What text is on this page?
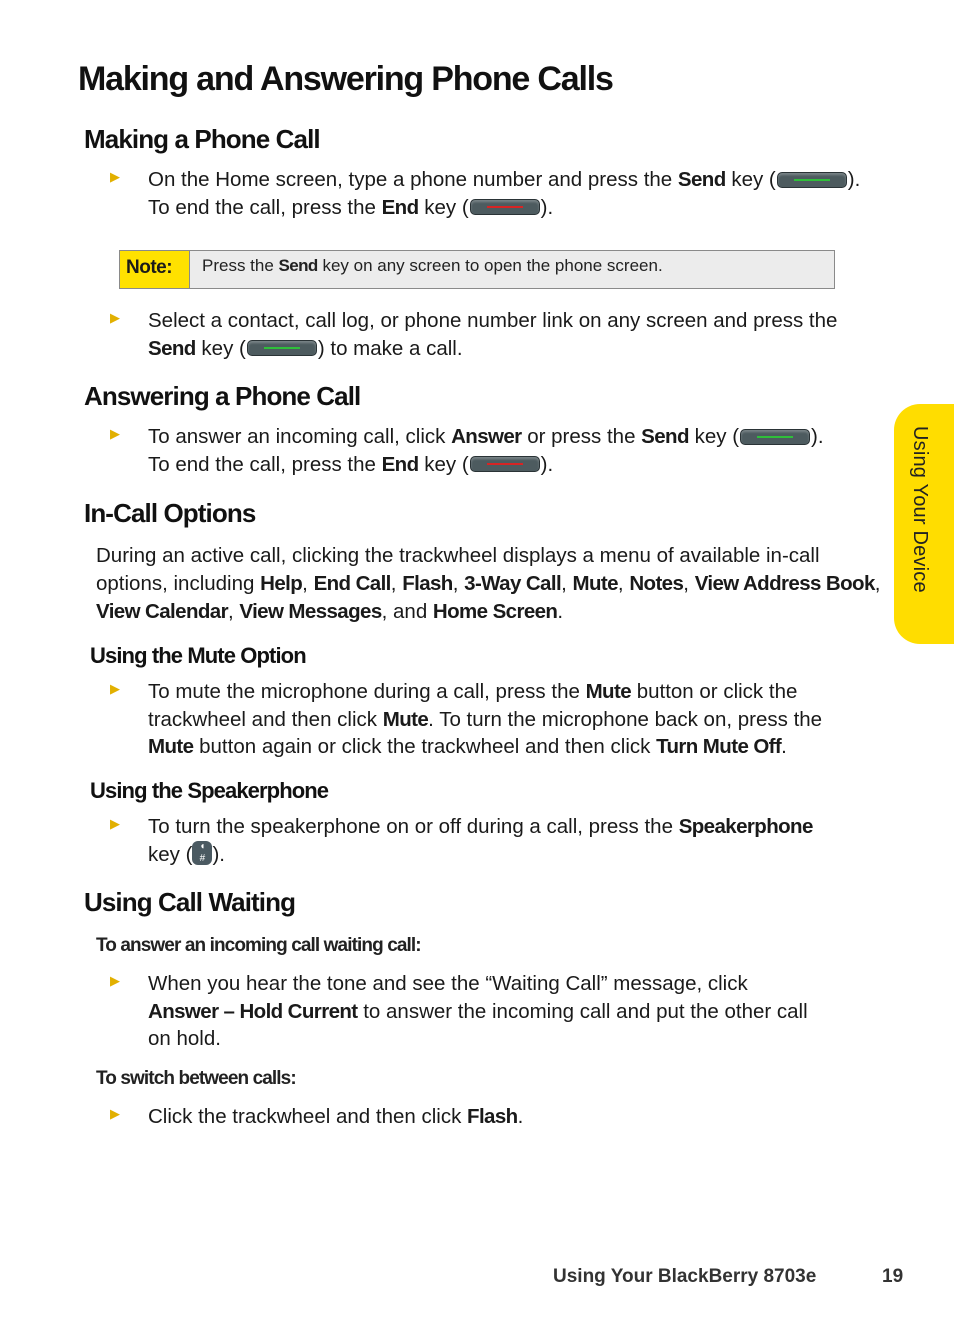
Making and Answering Phone Calls
Making a Phone Call
▶ On the Home screen, type a phone number and press the Send key (	).
To end the call, press the End key (	).
Note:	Press the Send key on any screen to open the phone screen.
▶ Select a contact, call log, or phone number link on any screen and press the
Send key (	) to make a call.
Answering a Phone Call
▶ To answer an incoming call, click Answer or press the Send key (	).
To end the call, press the End key (	).
In-Call Options
During an active call, clicking the trackwheel displays a menu of available in-call
options, including Help, End Call, Flash, 3-Way Call, Mute, Notes, View Address Book,
View Calendar, View Messages, and Home Screen.
Using the Mute Option
▶ To mute the microphone during a call, press the Mute button or click the
trackwheel and then click Mute. To turn the microphone back on, press the
Mute button again or click the trackwheel and then click Turn Mute Off.
Using the Speakerphone
▶ To turn the speakerphone on or off during a call, press the Speakerphone
key ( ◖
# ).
Using Call Waiting
To answer an incoming call waiting call:
▶ When you hear the tone and see the “Waiting Call” message, click
Answer – Hold Current to answer the incoming call and put the other call
on hold.
To switch between calls:
▶ Click the trackwheel and then click Flash.
Using Your Device
Using Your BlackBerry 8703e	19
